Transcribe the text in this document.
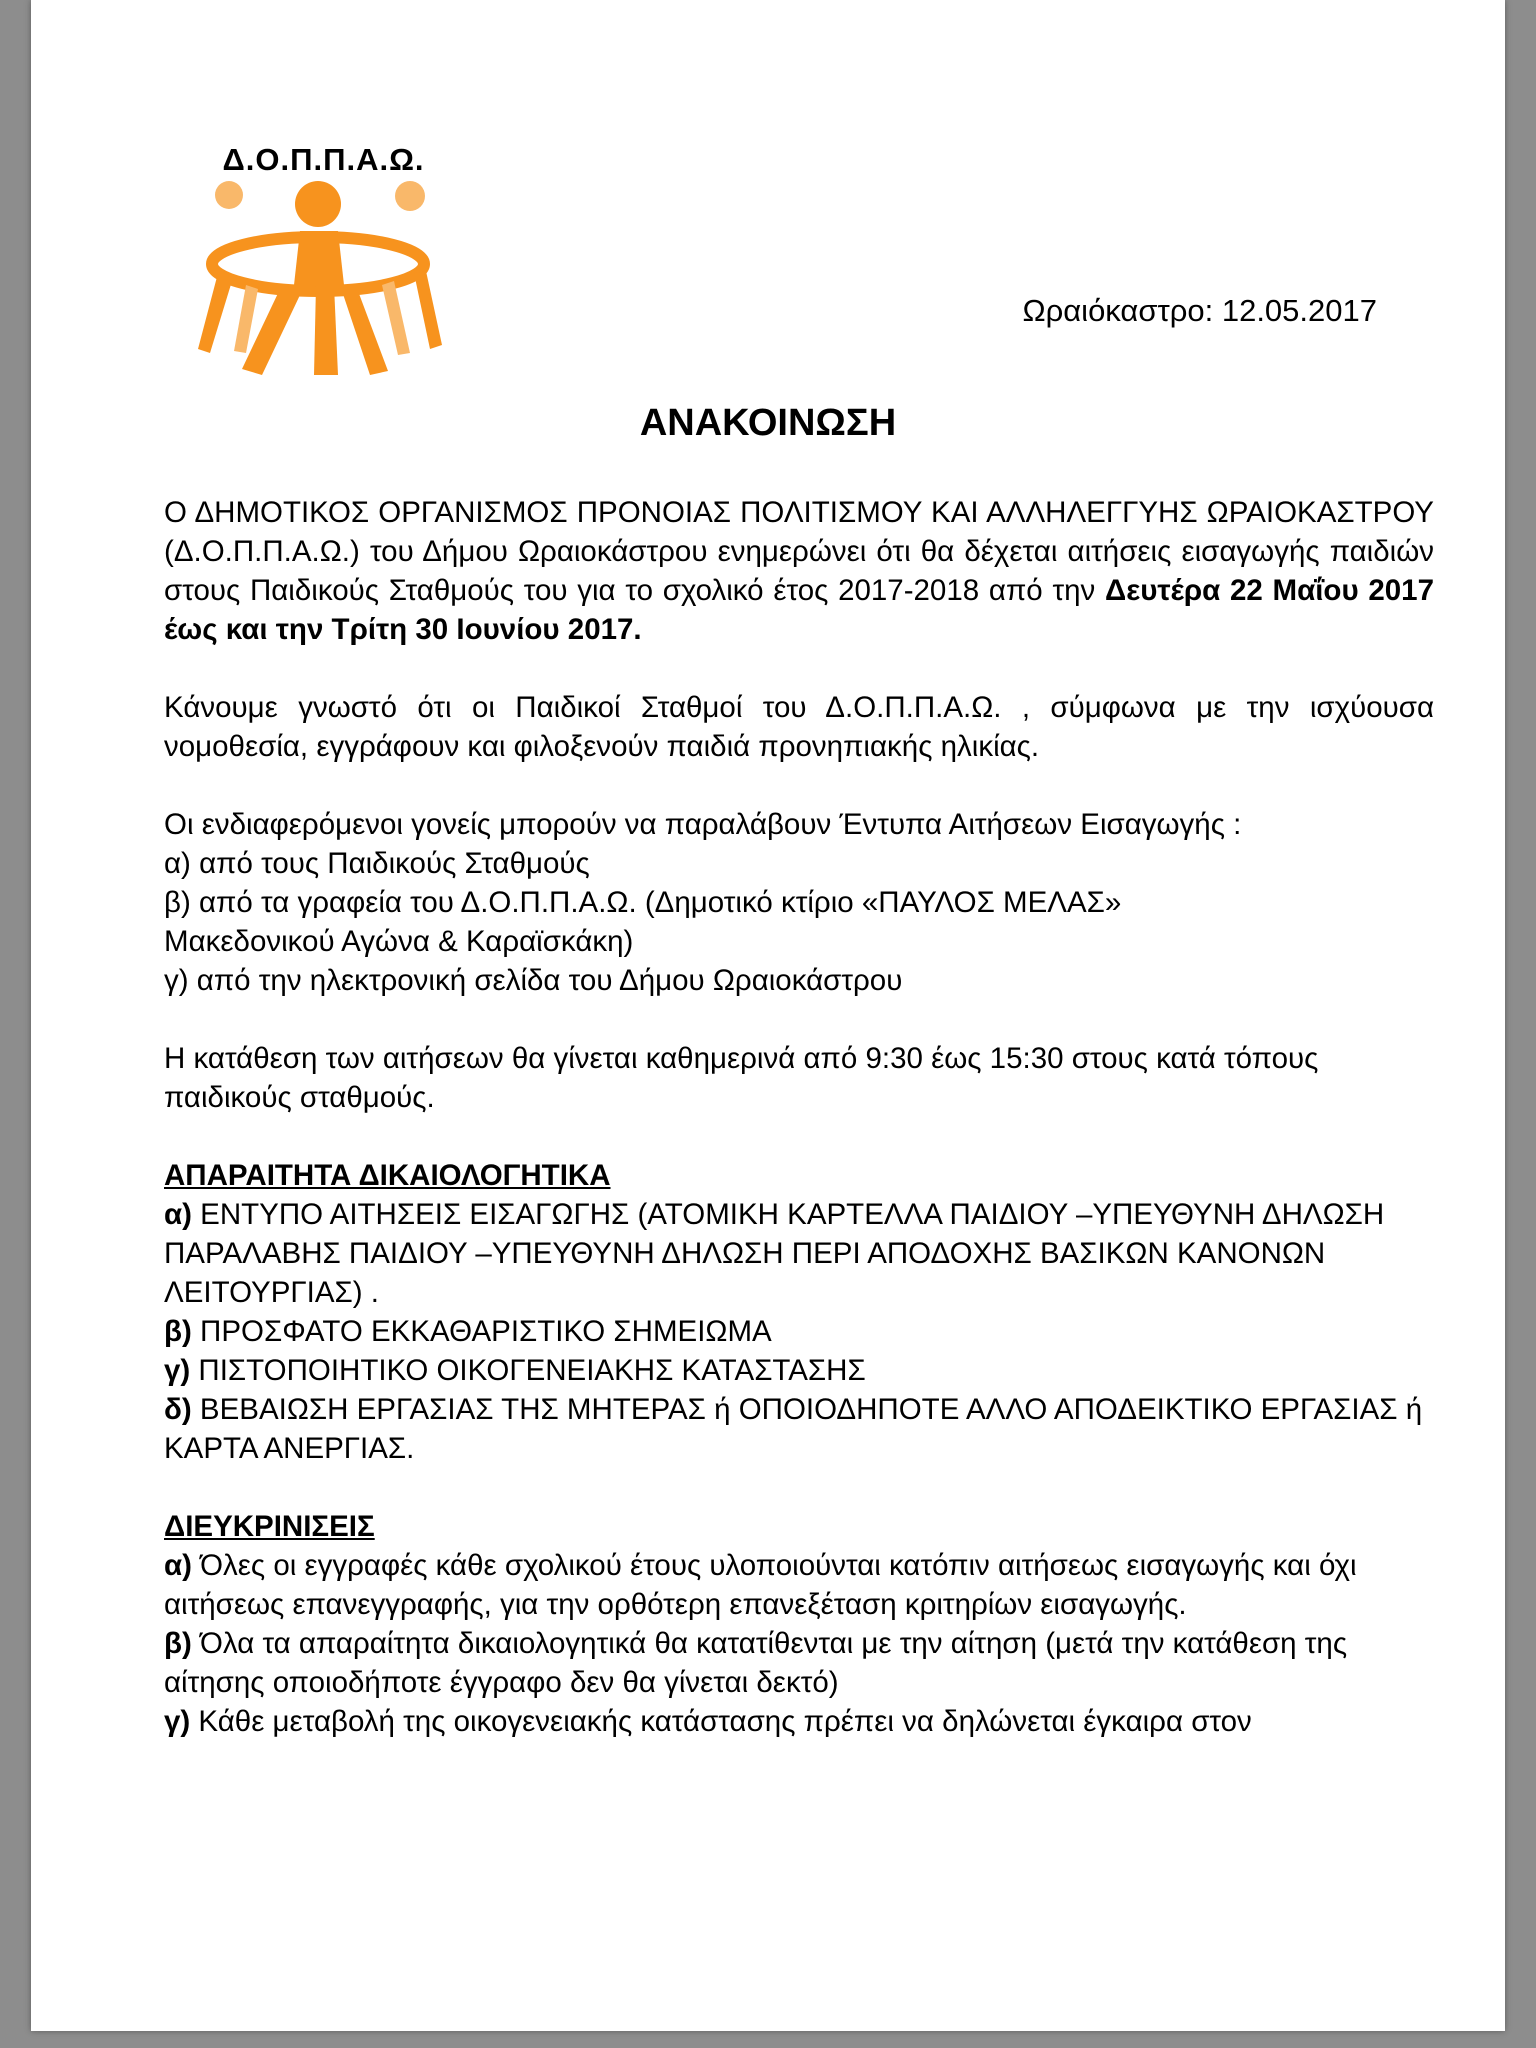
Δ.Ο.Π.Π.Α.Ω.
Ωραιόκαστρο: 12.05.2017
ΑΝΑΚΟΙΝΩΣΗ

Ο ΔΗΜΟΤΙΚΟΣ ΟΡΓΑΝΙΣΜΟΣ ΠΡΟΝΟΙΑΣ ΠΟΛΙΤΙΣΜΟΥ ΚΑΙ ΑΛΛΗΛΕΓΓΥΗΣ ΩΡΑΙΟΚΑΣΤΡΟΥ (Δ.Ο.Π.Π.Α.Ω.) του Δήμου Ωραιοκάστρου ενημερώνει ότι θα δέχεται αιτήσεις εισαγωγής παιδιών στους Παιδικούς Σταθμούς του για το σχολικό έτος 2017-2018 από την Δευτέρα 22 Μαΐου 2017 έως και την Τρίτη 30 Ιουνίου 2017.

Κάνουμε γνωστό ότι οι Παιδικοί Σταθμοί του Δ.Ο.Π.Π.Α.Ω. , σύμφωνα με την ισχύουσα νομοθεσία, εγγράφουν και φιλοξενούν παιδιά προνηπιακής ηλικίας.

Οι ενδιαφερόμενοι γονείς μπορούν να παραλάβουν Έντυπα Αιτήσεων Εισαγωγής :
α) από τους Παιδικούς Σταθμούς
β) από τα γραφεία του Δ.Ο.Π.Π.Α.Ω. (Δημοτικό κτίριο «ΠΑΥΛΟΣ ΜΕΛΑΣ» Μακεδονικού Αγώνα & Καραϊσκάκη)
γ) από την ηλεκτρονική σελίδα του Δήμου Ωραιοκάστρου

Η κατάθεση των αιτήσεων θα γίνεται καθημερινά από 9:30 έως 15:30 στους κατά τόπους παιδικούς σταθμούς.

ΑΠΑΡΑΙΤΗΤΑ ΔΙΚΑΙΟΛΟΓΗΤΙΚΑ
α) ΕΝΤΥΠΟ ΑΙΤΗΣΕΙΣ ΕΙΣΑΓΩΓΗΣ (ΑΤΟΜΙΚΗ ΚΑΡΤΕΛΛΑ ΠΑΙΔΙΟΥ –ΥΠΕΥΘΥΝΗ ΔΗΛΩΣΗ ΠΑΡΑΛΑΒΗΣ ΠΑΙΔΙΟΥ –ΥΠΕΥΘΥΝΗ ΔΗΛΩΣΗ ΠΕΡΙ ΑΠΟΔΟΧΗΣ ΒΑΣΙΚΩΝ ΚΑΝΟΝΩΝ ΛΕΙΤΟΥΡΓΙΑΣ) .
β) ΠΡΟΣΦΑΤΟ ΕΚΚΑΘΑΡΙΣΤΙΚΟ ΣΗΜΕΙΩΜΑ
γ) ΠΙΣΤΟΠΟΙΗΤΙΚΟ ΟΙΚΟΓΕΝΕΙΑΚΗΣ ΚΑΤΑΣΤΑΣΗΣ
δ) ΒΕΒΑΙΩΣΗ ΕΡΓΑΣΙΑΣ ΤΗΣ ΜΗΤΕΡΑΣ ή ΟΠΟΙΟΔΗΠΟΤΕ ΑΛΛΟ ΑΠΟΔΕΙΚΤΙΚΟ ΕΡΓΑΣΙΑΣ ή ΚΑΡΤΑ ΑΝΕΡΓΙΑΣ.
ΔΙΕΥΚΡΙΝΙΣΕΙΣ
α) Όλες οι εγγραφές κάθε σχολικού έτους υλοποιούνται κατόπιν αιτήσεως εισαγωγής και όχι αιτήσεως επανεγγραφής, για την ορθότερη επανεξέταση κριτηρίων εισαγωγής.
β) Όλα τα απαραίτητα δικαιολογητικά θα κατατίθενται με την αίτηση (μετά την κατάθεση της αίτησης οποιοδήποτε έγγραφο δεν θα γίνεται δεκτό)
γ) Κάθε μεταβολή της οικογενειακής κατάστασης πρέπει να δηλώνεται έγκαιρα στον
